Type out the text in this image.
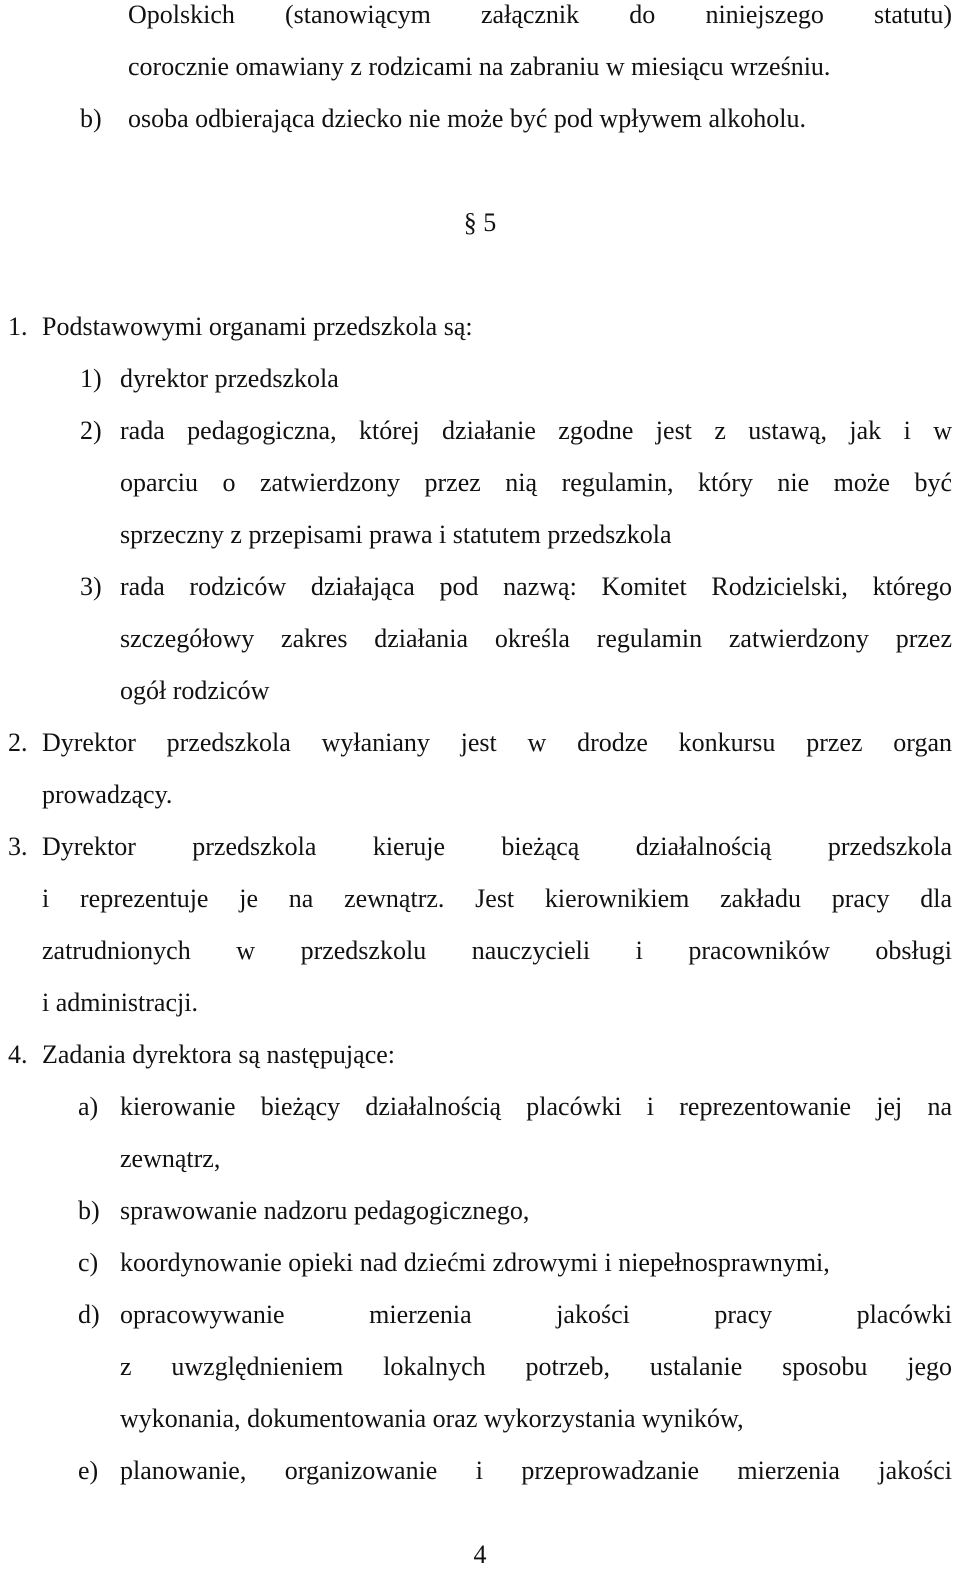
Opolskich (stanowiącym załącznik do niniejszego statutu)
corocznie omawiany z rodzicami na zabraniu w miesiącu wrześniu.
b) osoba odbierająca dziecko nie może być pod wpływem alkoholu.
§ 5
1. Podstawowymi organami przedszkola są:
1) dyrektor przedszkola
2) rada pedagogiczna, której działanie zgodne jest z ustawą, jak i w
oparciu o zatwierdzony przez nią regulamin, który nie może być
sprzeczny z przepisami prawa i statutem przedszkola
3) rada rodziców działająca pod nazwą: Komitet Rodzicielski, którego
szczegółowy zakres działania określa regulamin zatwierdzony przez
ogół rodziców
2. Dyrektor przedszkola wyłaniany jest w drodze konkursu przez organ
prowadzący.
3. Dyrektor przedszkola kieruje bieżącą działalnością przedszkola
i reprezentuje je na zewnątrz. Jest kierownikiem zakładu pracy dla
zatrudnionych w przedszkolu nauczycieli i pracowników obsługi
i administracji.
4. Zadania dyrektora są następujące:
a) kierowanie bieżący działalnością placówki i reprezentowanie jej na
zewnątrz,
b) sprawowanie nadzoru pedagogicznego,
c) koordynowanie opieki nad dziećmi zdrowymi i niepełnosprawnymi,
d) opracowywanie mierzenia jakości pracy placówki
z uwzględnieniem lokalnych potrzeb, ustalanie sposobu jego
wykonania, dokumentowania oraz wykorzystania wyników,
e) planowanie, organizowanie i przeprowadzanie mierzenia jakości
4
